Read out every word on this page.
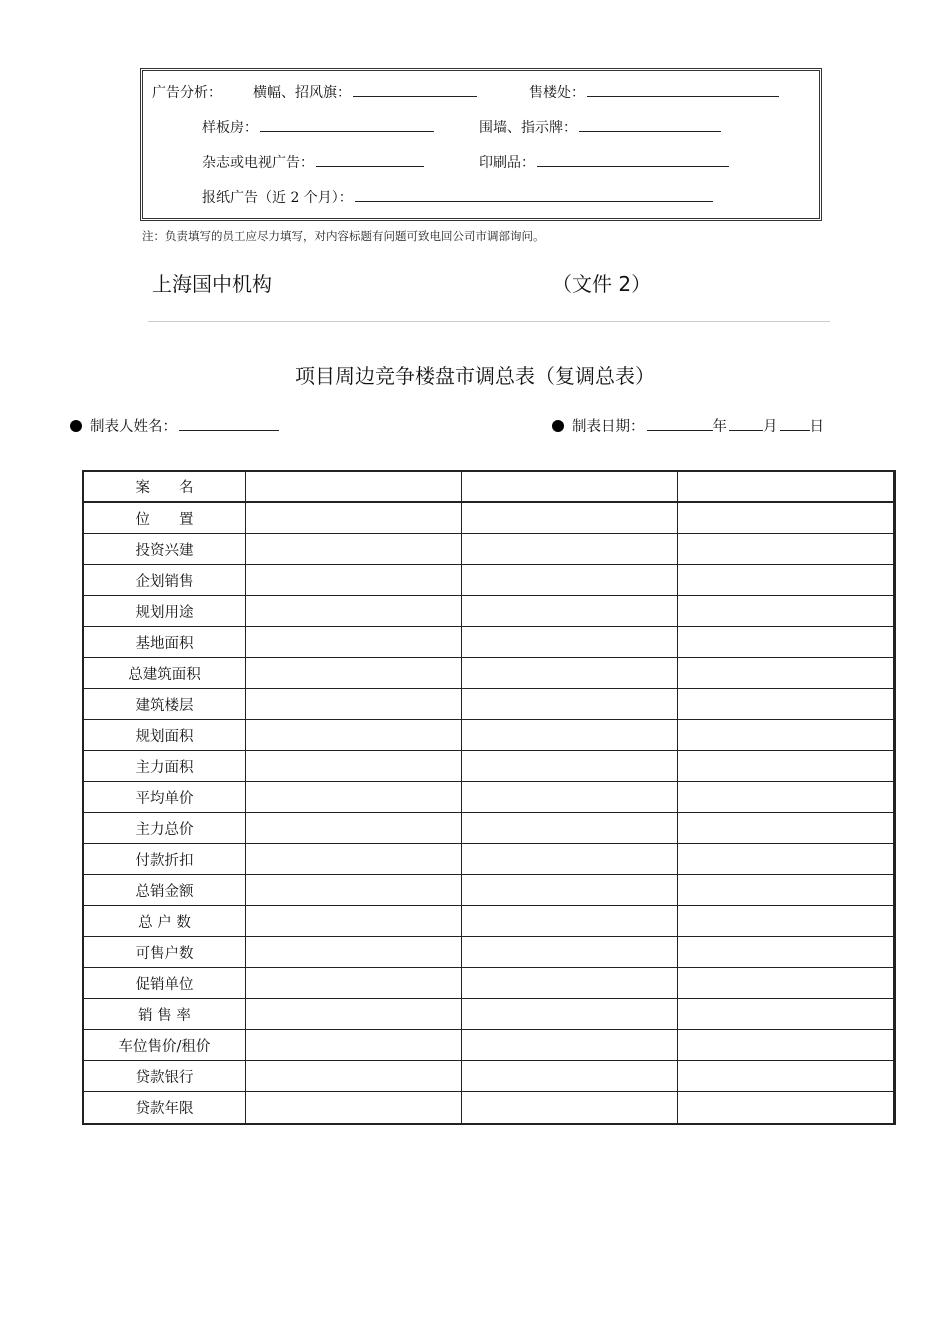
广告分析： 横幅、招风旗：	售楼处：
样板房：	围墙、指示牌：
杂志或电视广告：	印刷品：
报纸广告（近 2 个月）：
注：负责填写的员工应尽力填写，对内容标题有问题可致电回公司市调部询问。
上海国中机构	（文件 2）
项目周边竞争楼盘市调总表（复调总表）
制表人姓名：	制表日期：	年 月 日
案　　名				
位　　置				
投资兴建				
企划销售				
规划用途				
基地面积				
总建筑面积				
建筑楼层				
规划面积				
主力面积				
平均单价				
主力总价				
付款折扣				
总销金额				
总 户 数				
可售户数				
促销单位				
销 售 率				
车位售价/租价				
贷款银行				
贷款年限				
